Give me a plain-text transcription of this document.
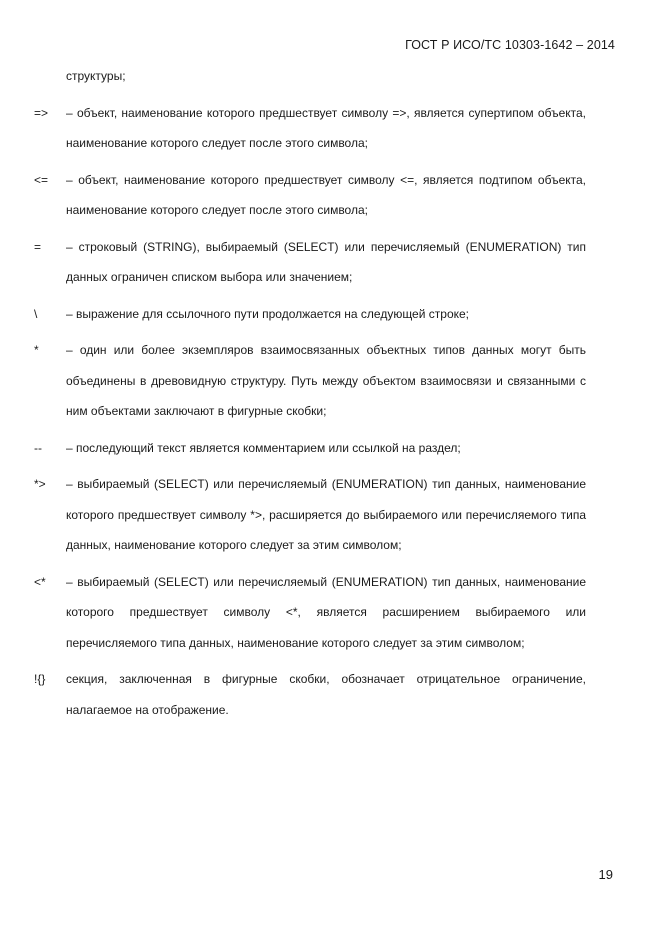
ГОСТ Р ИСО/ТС 10303-1642 – 2014
структуры;
=> – объект, наименование которого предшествует символу =>, является супертипом объекта, наименование которого следует после этого символа;
<= – объект, наименование которого предшествует символу <=, является подтипом объекта, наименование которого следует после этого символа;
= – строковый (STRING), выбираемый (SELECT) или перечисляемый (ENUMERATION) тип данных ограничен списком выбора или значением;
\ – выражение для ссылочного пути продолжается на следующей строке;
* – один или более экземпляров взаимосвязанных объектных типов данных могут быть объединены в древовидную структуру. Путь между объектом взаимосвязи и связанными с ним объектами заключают в фигурные скобки;
-- – последующий текст является комментарием или ссылкой на раздел;
*> – выбираемый (SELECT) или перечисляемый (ENUMERATION) тип данных, наименование которого предшествует символу *>, расширяется до выбираемого или перечисляемого типа данных, наименование которого следует за этим символом;
<* – выбираемый (SELECT) или перечисляемый (ENUMERATION) тип данных, наименование которого предшествует символу <*, является расширением выбираемого или перечисляемого типа данных, наименование которого следует за этим символом;
!{} секция, заключенная в фигурные скобки, обозначает отрицательное ограничение, налагаемое на отображение.
19
